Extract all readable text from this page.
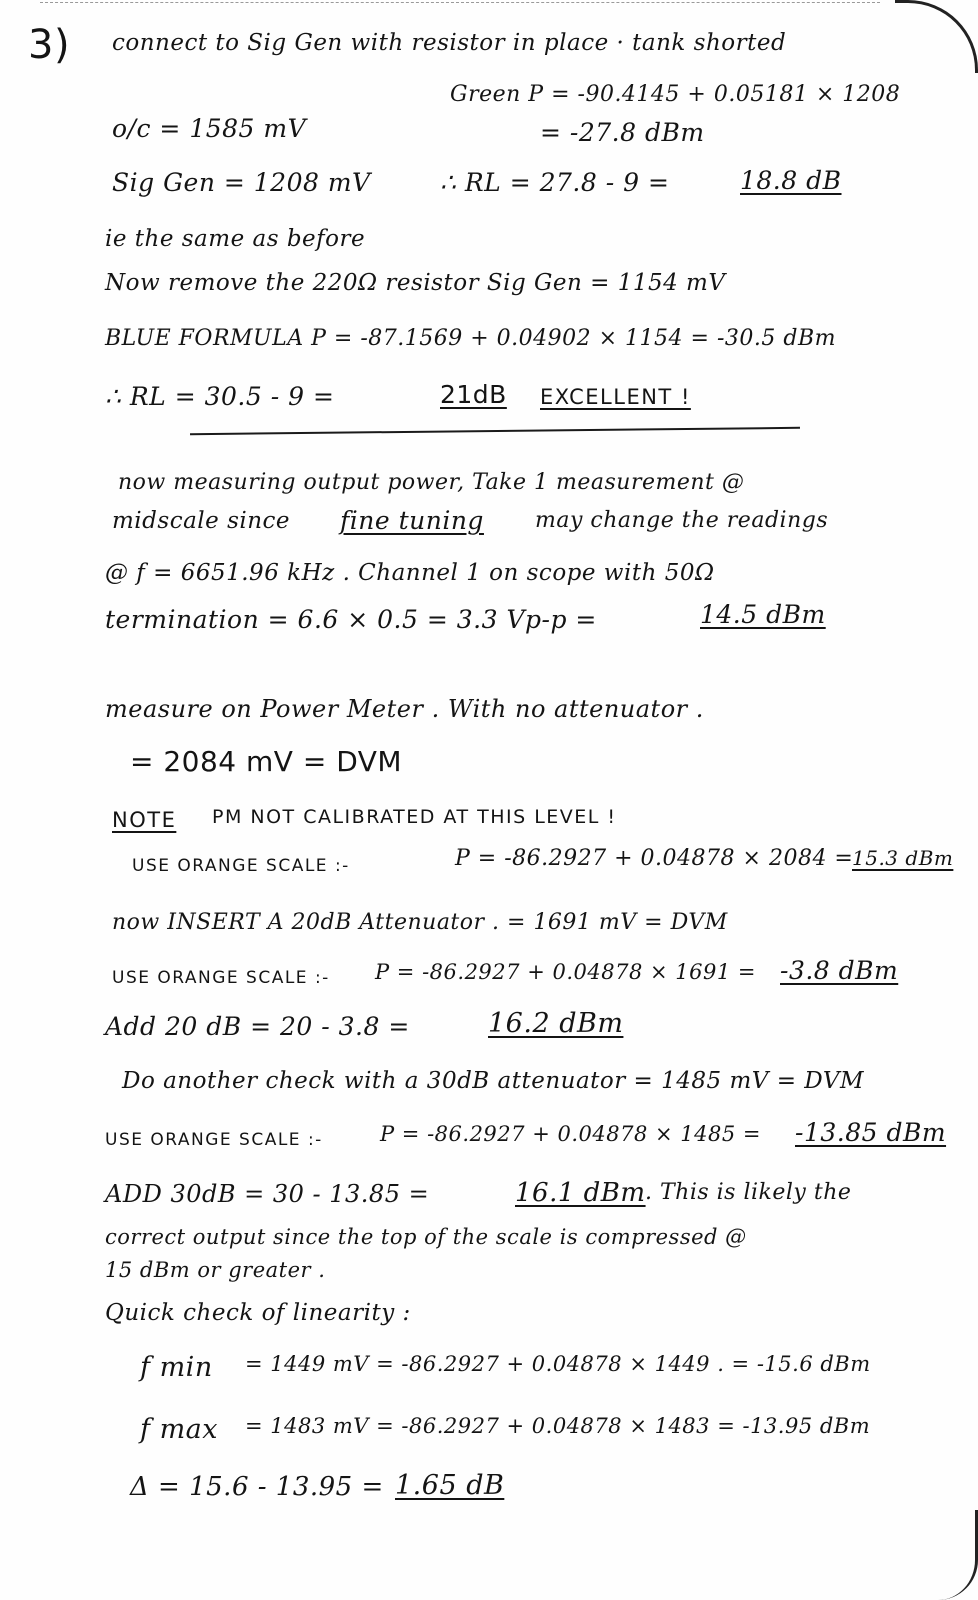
3) connect to Sig Gen with resistor in place · tank shorted
Green P = -90.4145 + 0.05181 × 1208
o/c = 1585 mV	= -27.8 dBm
Sig Gen = 1208 mV	∴ RL = 27.8 - 9 =	18.8 dB
ie the same as before
Now remove the 220Ω resistor Sig Gen = 1154 mV
BLUE FORMULA P = -87.1569 + 0.04902 × 1154 = -30.5 dBm
∴ RL = 30.5 - 9 =	21dB EXCELLENT !
now measuring output power, Take 1 measurement @
midscale since fine tuning may change the readings
@ f = 6651.96 kHz . Channel 1 on scope with 50Ω
termination = 6.6 × 0.5 = 3.3 Vp-p =	14.5 dBm
measure on Power Meter . With no attenuator .
= 2084 mV = DVM
NOTE PM NOT CALIBRATED AT THIS LEVEL !
USE ORANGE SCALE :-	P = -86.2927 + 0.04878 × 2084 =
15.3 dBm
now INSERT A 20dB Attenuator . = 1691 mV = DVM
USE ORANGE SCALE :- P = -86.2927 + 0.04878 × 1691 = -3.8 dBm
Add 20 dB = 20 - 3.8 =	16.2 dBm
Do another check with a 30dB attenuator = 1485 mV = DVM
USE ORANGE SCALE :-	P = -86.2927 + 0.04878 × 1485 = -13.85 dBm
ADD 30dB = 30 - 13.85 =	16.1 dBm . This is likely the
correct output since the top of the scale is compressed @
15 dBm or greater .
Quick check of linearity :
f min = 1449 mV = -86.2927 + 0.04878 × 1449 . = -15.6 dBm
f max = 1483 mV = -86.2927 + 0.04878 × 1483 = -13.95 dBm
Δ = 15.6 - 13.95 = 1.65 dB
